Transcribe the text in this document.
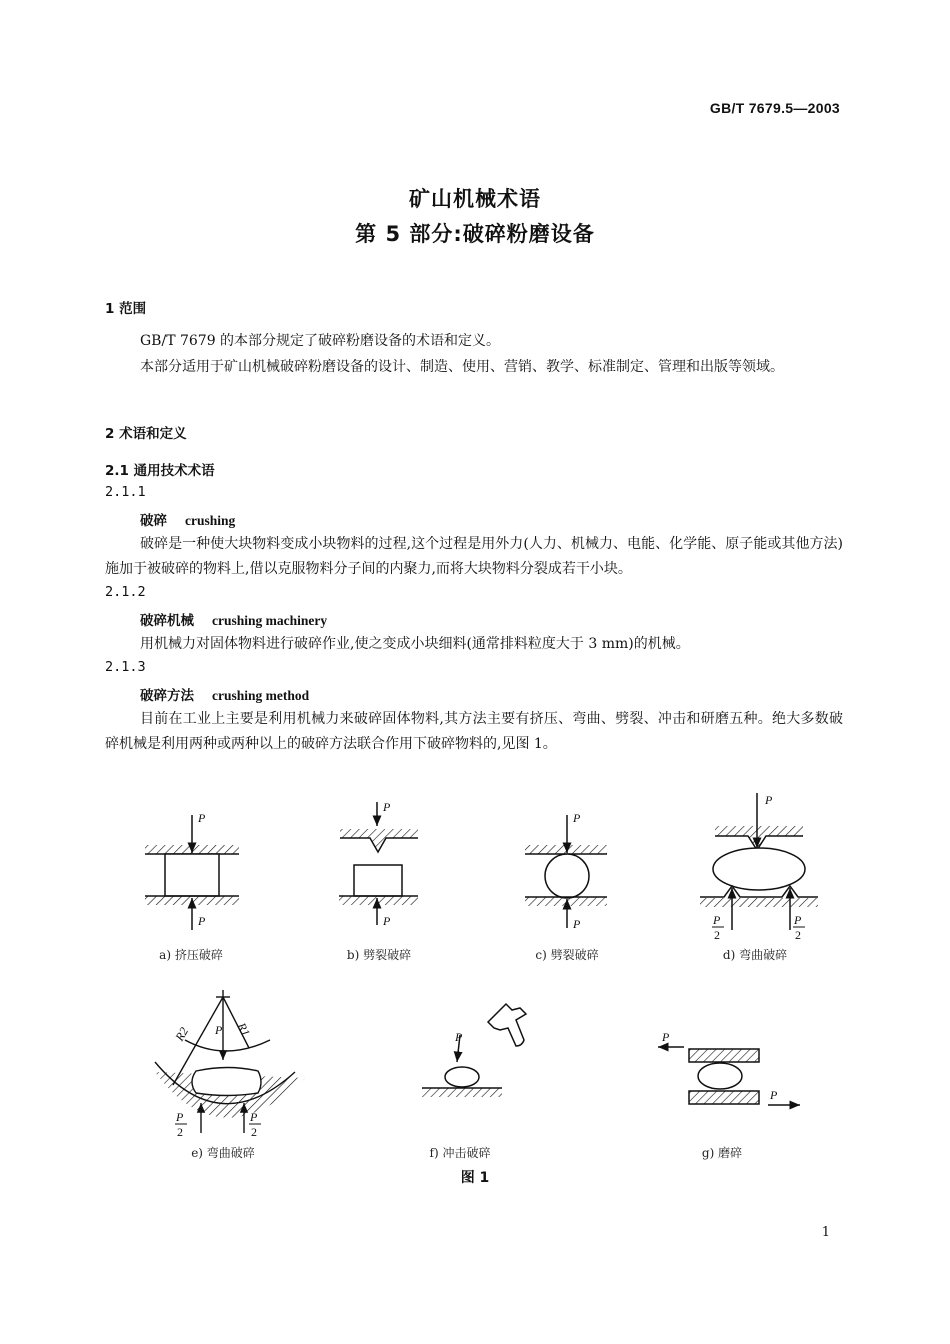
GB/T 7679.5—2003
矿山机械术语
第 5 部分:破碎粉磨设备
1 范围
GB/T 7679 的本部分规定了破碎粉磨设备的术语和定义。
本部分适用于矿山机械破碎粉磨设备的设计、制造、使用、营销、教学、标准制定、管理和出版等领域。
2 术语和定义
2.1 通用技术术语
2.1.1
破碎 crushing
破碎是一种使大块物料变成小块物料的过程,这个过程是用外力(人力、机械力、电能、化学能、原子能或其他方法)施加于被破碎的物料上,借以克服物料分子间的内聚力,而将大块物料分裂成若干小块。
2.1.2
破碎机械 crushing machinery
用机械力对固体物料进行破碎作业,使之变成小块细料(通常排料粒度大于 3 mm)的机械。
2.1.3
破碎方法 crushing method
目前在工业上主要是利用机械力来破碎固体物料,其方法主要有挤压、弯曲、劈裂、冲击和研磨五种。绝大多数破碎机械是利用两种或两种以上的破碎方法联合作用下破碎物料的,见图 1。
P
P
P
P
P
P
P
P
2
P
2
a) 挤压破碎	b) 劈裂破碎	c) 劈裂破碎	d) 弯曲破碎
P
R2	R1
P
2
P
2
P	P
P
e) 弯曲破碎	f) 冲击破碎	g) 磨碎
图 1
1
